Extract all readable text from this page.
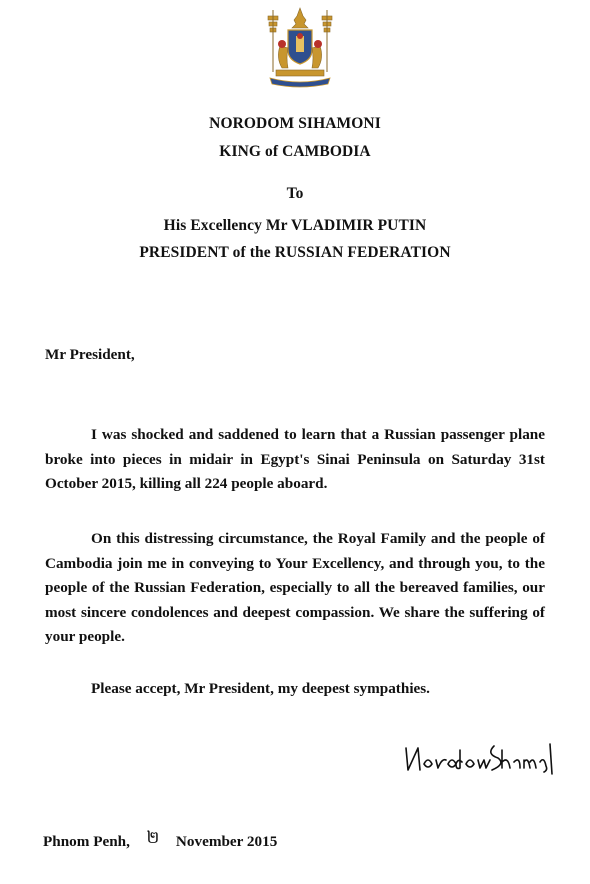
NORODOM SIHAMONI
KING of CAMBODIA
To
His Excellency Mr VLADIMIR PUTIN
PRESIDENT of the RUSSIAN FEDERATION
Mr President,

I was shocked and saddened to learn that a Russian passenger plane broke into pieces in midair in Egypt's Sinai Peninsula on Saturday 31st October 2015, killing all 224 people aboard.

On this distressing circumstance, the Royal Family and the people of Cambodia join me in conveying to Your Excellency, and through you, to the people of the Russian Federation, especially to all the bereaved families, our most sincere condolences and deepest compassion. We share the suffering of your people.

Please accept, Mr President, my deepest sympathies.
Phnom Penh, ២ November 2015
